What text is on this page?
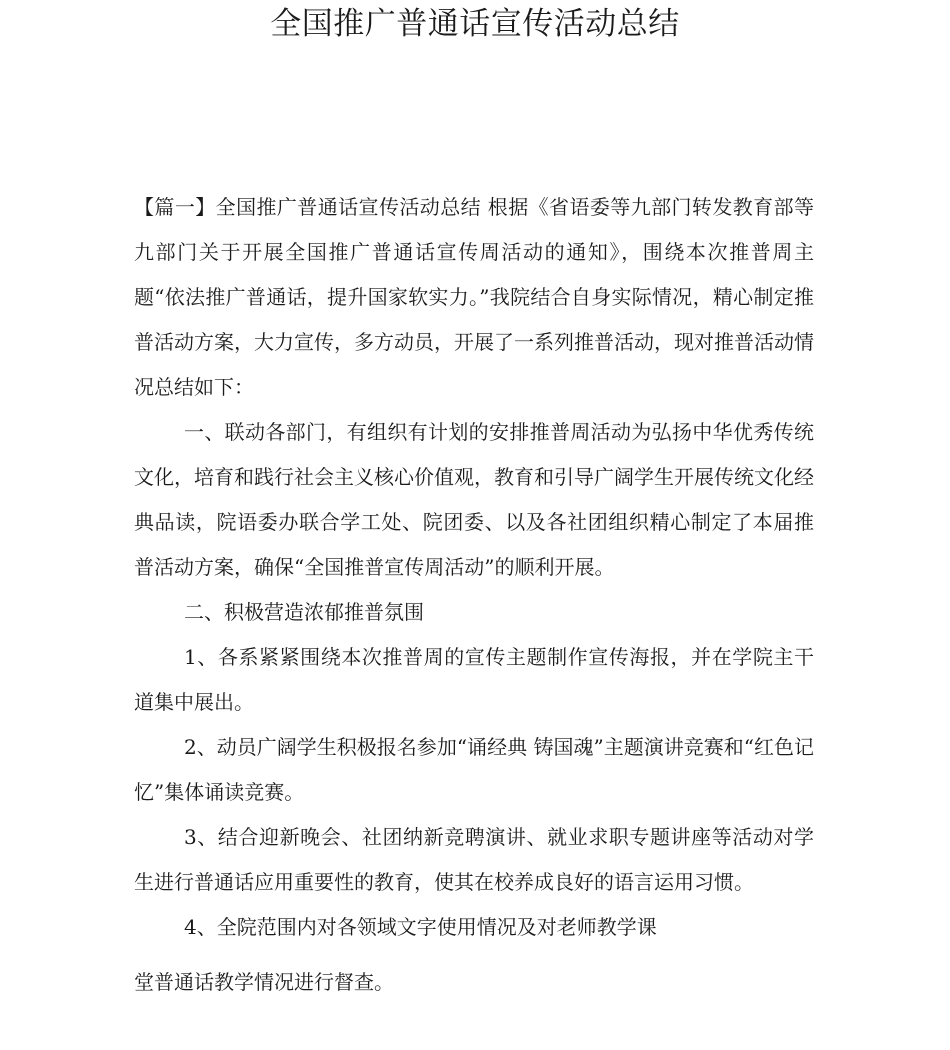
全国推广普通话宣传活动总结

【篇一】全国推广普通话宣传活动总结 根据《省语委等九部门转发教育部等九部门关于开展全国推广普通话宣传周活动的通知》，围绕本次推普周主题“依法推广普通话，提升国家软实力。”我院结合自身实际情况，精心制定推普活动方案，大力宣传，多方动员，开展了一系列推普活动，现对推普活动情况总结如下：

一、联动各部门，有组织有计划的安排推普周活动为弘扬中华优秀传统文化，培育和践行社会主义核心价值观，教育和引导广阔学生开展传统文化经典品读，院语委办联合学工处、院团委、以及各社团组织精心制定了本届推 普活动方案，确保“全国推普宣传周活动”的顺利开展。

二、积极营造浓郁推普氛围

1、各系紧紧围绕本次推普周的宣传主题制作宣传海报，并在学院主干道集中展出。

2、动员广阔学生积极报名参加“诵经典 铸国魂”主题演讲竞赛和“红色记忆”集体诵读竞赛。

3、结合迎新晚会、社团纳新竞聘演讲、就业求职专题讲座等活动对学生进行普通话应用重要性的教育，使其在校养成良好的语言运用习惯。

4、全院范围内对各领域文字使用情况及对老师教学课

堂普通话教学情况进行督查。
